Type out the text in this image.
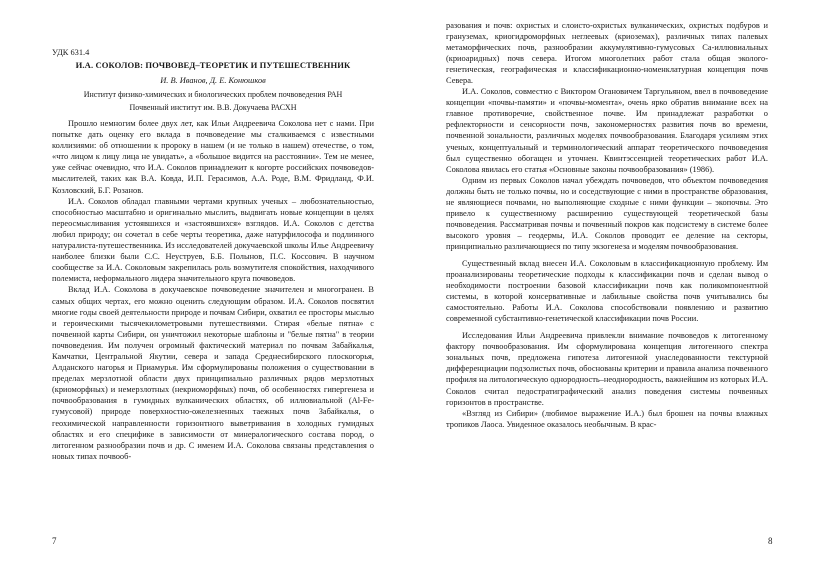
УДК 631.4
И.А. СОКОЛОВ: ПОЧВОВЕД–ТЕОРЕТИК И ПУТЕШЕСТВЕННИК
И. В. Иванов, Д. Е. Конюшков
Институт физико-химических и биологических проблем почвоведения РАН
Почвенный институт им. В.В. Докучаева РАСХН

Прошло немногим более двух лет, как Ильи Андреевича Соколова нет с нами. При попытке дать оценку его вклада в почвоведение мы сталкиваемся с известными коллизиями: об отношении к пророку в нашем (и не только в нашем) отечестве, о том, «что лицом к лицу лица не увидать», а «большое видится на расстоянии». Тем не менее, уже сейчас очевидно, что И.А. Соколов принадлежит к когорте российских почвоведов-мыслителей, таких как В.А. Ковда, И.П. Герасимов, А.А. Роде, В.М. Фридланд, Ф.И. Козловский, Б.Г. Розанов.

И.А. Соколов обладал главными чертами крупных ученых – любознательностью, способностью масштабно и оригинально мыслить, выдвигать новые концепции в целях переосмысливания устоявшихся и «застоявшихся» взглядов. И.А. Соколов с детства любил природу; он сочетал в себе черты теоретика, даже натурфилософа и подлинного натуралиста-путешественника. Из исследователей докучаевской школы Илье Андреевичу наиболее близки были С.С. Неуструев, Б.Б. Полынов, П.С. Коссович. В научном сообществе за И.А. Соколовым закрепилась роль возмутителя спокойствия, находчивого полемиста, неформального лидера значительного круга почвоведов.

Вклад И.А. Соколова в докучаевское почвоведение значителен и многогранен. В самых общих чертах, его можно оценить следующим образом. И.А. Соколов посвятил многие годы своей деятельности природе и почвам Сибири, охватил ее просторы мыслью и героическими тысячекилометровыми путешествиями. Стирая «белые пятна» с почвенной карты Сибири, он уничтожил некоторые шаблоны и "белые пятна" в теории почвоведения. Им получен огромный фактический материал по почвам Забайкалья, Камчатки, Центральной Якутии, севера и запада Среднесибирского плоскогорья, Алданского нагорья и Приамурья. Им сформулированы положения о существовании в пределах мерзлотной области двух принципиально различных рядов мерзлотных (криоморфных) и немерзлотных (некриоморфных) почв, об особенностях гипергенеза и почвообразования в гумидных вулканических областях, об иллювиальной (Al-Fe-гумусовой) природе поверхностно-ожелезненных таежных почв Забайкалья, о геохимической направленности горизонтного выветривания в холодных гумидных областях и его специфике в зависимости от минералогического состава пород, о литогенном разнообразии почв и др. С именем И.А. Соколова связаны представления о новых типах почвооб-

7

разования и почв: охристых и слоисто-охристых вулканических, охристых подбуров и грануземах, криогидроморфных неглеевых (криоземах), различных типах палевых метаморфических почв, разнообразии аккумулятивно-гумусовых Са-иллювиальных (криоаридных) почв севера. Итогом многолетних работ стала общая эколого-генетическая, географическая и классификационно-номенклатурная концепция почв Севера.

И.А. Соколов, совместно с Виктором Огановичем Таргульяном, ввел в почвоведение концепции «почвы-памяти» и «почвы-момента», очень ярко обратив внимание всех на главное противоречие, свойственное почве. Им принадлежат разработки о рефлекторности и сенсорности почв, закономерностях развития почв во времени, почвенной зональности, различных моделях почвообразования. Благодаря усилиям этих ученых, концептуальный и терминологический аппарат теоретического почвоведения был существенно обогащен и уточнен. Квинтэссенцией теоретических работ И.А. Соколова явилась его статья «Основные законы почвообразования» (1986).

Одним из первых Соколов начал убеждать почвоведов, что объектом почвоведения должны быть не только почвы, но и соседствующие с ними в пространстве образования, не являющиеся почвами, но выполняющие сходные с ними функции – экопочвы. Это привело к существенному расширению существующей теоретической базы почвоведения. Рассматривая почвы и почвенный покров как подсистему в системе более высокого уровня – геодермы, И.А. Соколов проводит ее деление на секторы, принципиально различающиеся по типу экзогенеза и моделям почвообразования.

Существенный вклад внесен И.А. Соколовым в классификационную проблему. Им проанализированы теоретические подходы к классификации почв и сделан вывод о необходимости построении базовой классификации почв как поликомпонентной системы, в которой консервативные и лабильные свойства почв учитывались бы самостоятельно. Работы И.А. Соколова способствовали появлению и развитию современной субстантивно-генетической классификации почв России.

Исследования Ильи Андреевича привлекли внимание почвоведов к литогенному фактору почвообразования. Им сформулирована концепция литогенного спектра зональных почв, предложена гипотеза литогенной унаследованности текстурной дифференциации подзолистых почв, обоснованы критерии и правила анализа почвенного профиля на литологическую однородность–неоднородность, важнейшим из которых И.А. Соколов считал педостратиграфический анализ поведения системы почвенных горизонтов в пространстве.

«Взгляд из Сибири» (любимое выражение И.А.) был брошен на почвы влажных тропиков Лаоса. Увиденное оказалось необычным. В крас-

8
